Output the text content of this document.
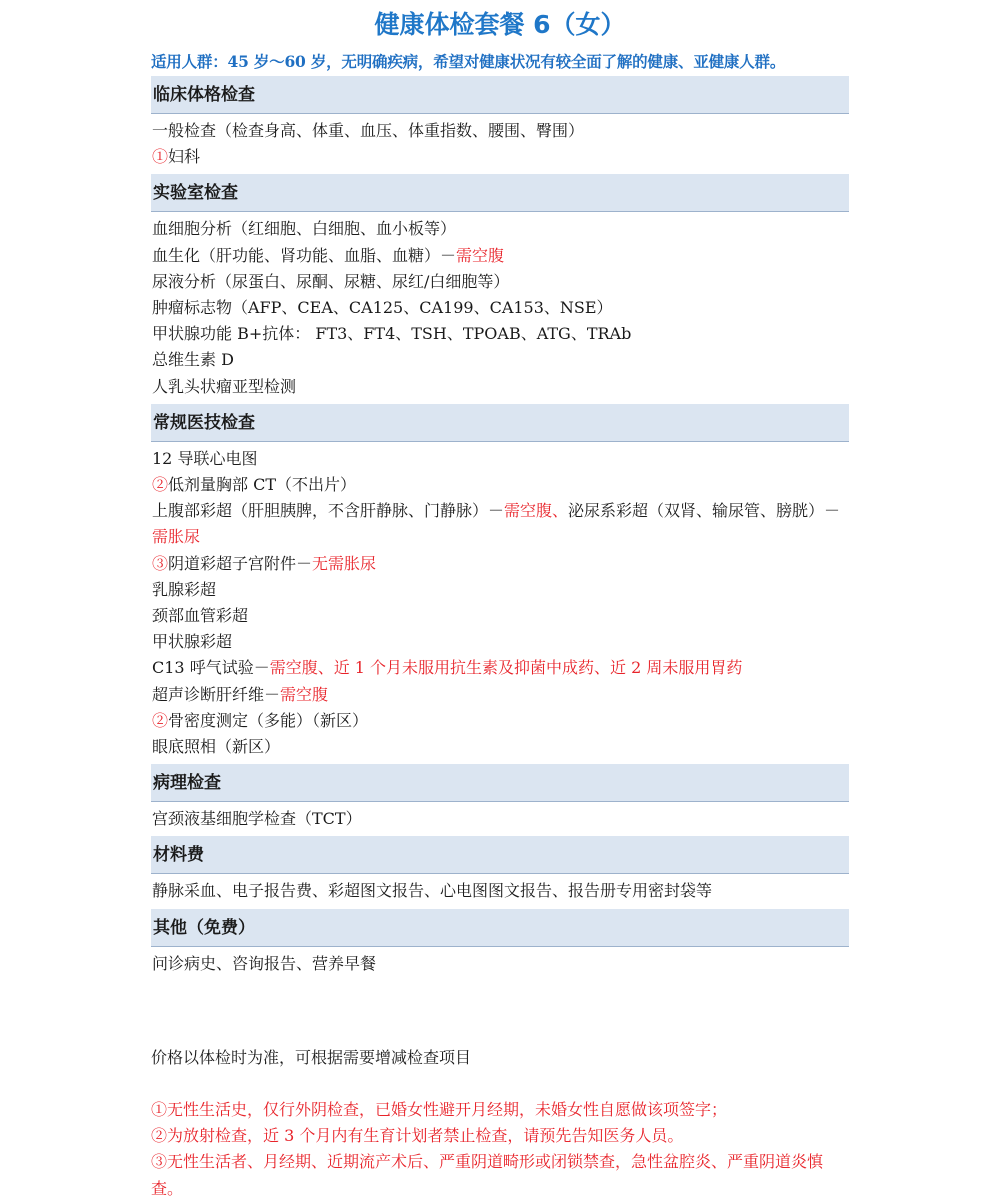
健康体检套餐 6（女）
适用人群：45 岁～60 岁，无明确疾病，希望对健康状况有较全面了解的健康、亚健康人群。
临床体格检查
一般检查（检查身高、体重、血压、体重指数、腰围、臀围）
①妇科
实验室检查
血细胞分析（红细胞、白细胞、血小板等）
血生化（肝功能、肾功能、血脂、血糖）－需空腹
尿液分析（尿蛋白、尿酮、尿糖、尿红/白细胞等）
肿瘤标志物（AFP、CEA、CA125、CA199、CA153、NSE）
甲状腺功能 B+抗体： FT3、FT4、TSH、TPOAB、ATG、TRAb
总维生素 D
人乳头状瘤亚型检测
常规医技检查
12 导联心电图
②低剂量胸部 CT（不出片）
上腹部彩超（肝胆胰脾，不含肝静脉、门静脉）－需空腹、泌尿系彩超（双肾、输尿管、膀胱）－需胀尿
③阴道彩超子宫附件－无需胀尿
乳腺彩超
颈部血管彩超
甲状腺彩超
C13 呼气试验－需空腹、近 1 个月未服用抗生素及抑菌中成药、近 2 周未服用胃药
超声诊断肝纤维－需空腹
②骨密度测定（多能）（新区）
眼底照相（新区）
病理检查
宫颈液基细胞学检查（TCT）
材料费
静脉采血、电子报告费、彩超图文报告、心电图图文报告、报告册专用密封袋等
其他（免费）
问诊病史、咨询报告、营养早餐
价格以体检时为准，可根据需要增减检查项目
①无性生活史，仅行外阴检查，已婚女性避开月经期，未婚女性自愿做该项签字；
②为放射检查，近 3 个月内有生育计划者禁止检查，请预先告知医务人员。
③无性生活者、月经期、近期流产术后、严重阴道畸形或闭锁禁查，急性盆腔炎、严重阴道炎慎查。
